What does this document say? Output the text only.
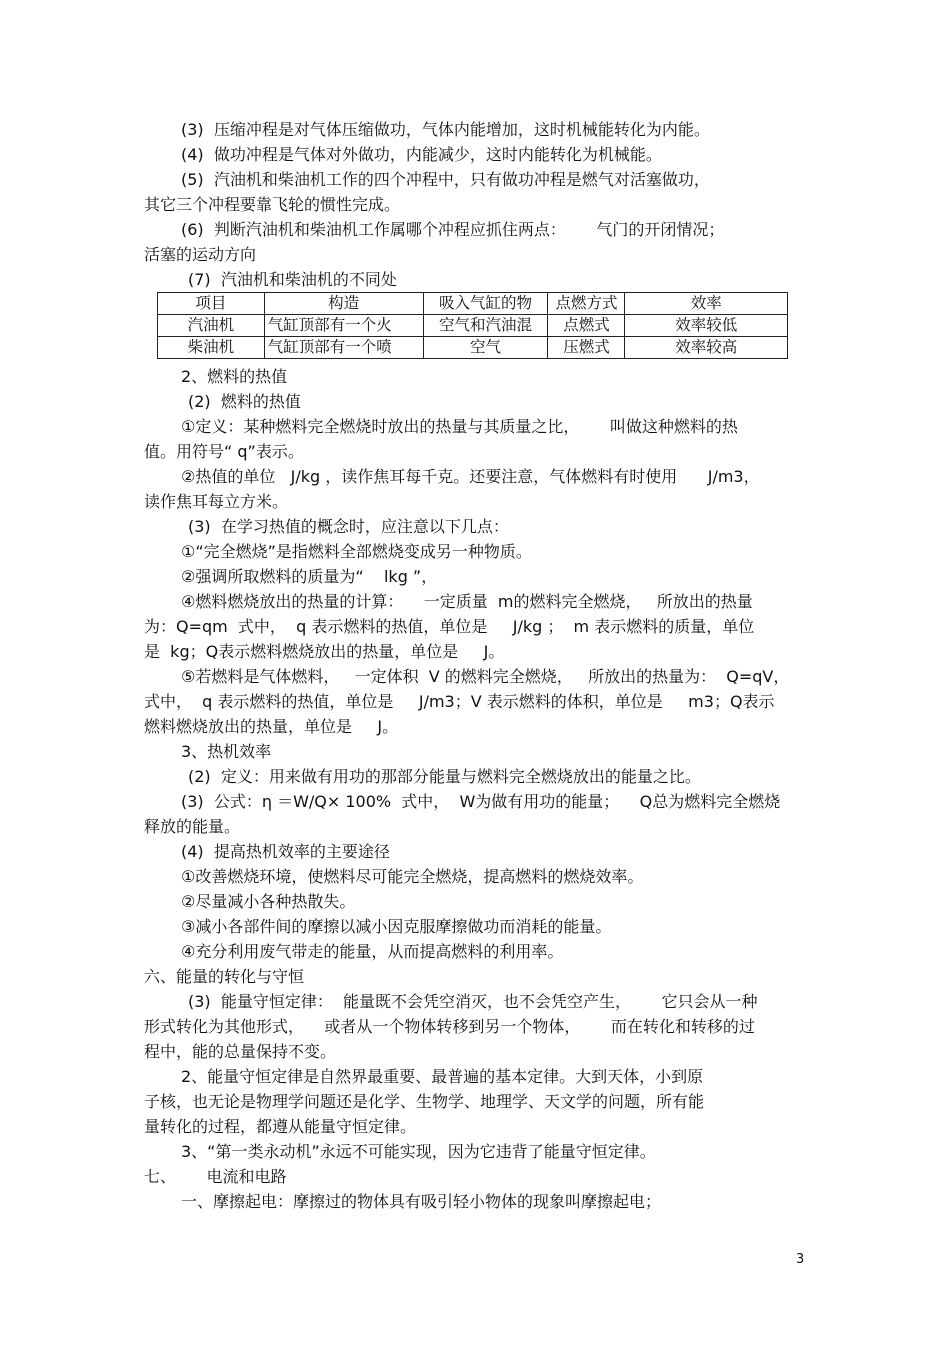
(3)  压缩冲程是对气体压缩做功，气体内能增加，这时机械能转化为内能。
(4)  做功冲程是气体对外做功，内能减少，这时内能转化为机械能。
(5)  汽油机和柴油机工作的四个冲程中，只有做功冲程是燃气对活塞做功，
其它三个冲程要靠飞轮的惯性完成。
(6)  判断汽油机和柴油机工作属哪个冲程应抓住两点：      气门的开闭情况；
活塞的运动方向
(7)  汽油机和柴油机的不同处
项目	构造	吸入气缸的物	点燃方式	效率
汽油机	气缸顶部有一个火	空气和汽油混	点燃式	效率较低
柴油机	气缸顶部有一个喷	空气	压燃式	效率较高
2、燃料的热值
(2)  燃料的热值
①定义：某种燃料完全燃烧时放出的热量与其质量之比，      叫做这种燃料的热
值。用符号“ q”表示。
②热值的单位   J/kg ，读作焦耳每千克。还要注意，气体燃料有时使用      J/m3，
读作焦耳每立方米。
(3)  在学习热值的概念时，应注意以下几点：
①“完全燃烧”是指燃料全部燃烧变成另一种物质。
②强调所取燃料的质量为“    lkg ”，
④燃料燃烧放出的热量的计算：    一定质量  m的燃料完全燃烧，   所放出的热量
为：Q=qm  式中，  q 表示燃料的热值，单位是     J/kg ；  m 表示燃料的质量，单位
是  kg；Q表示燃料燃烧放出的热量，单位是     J。
⑤若燃料是气体燃料，   一定体积  V 的燃料完全燃烧，   所放出的热量为：  Q=qV，
式中，  q 表示燃料的热值，单位是     J/m3；V 表示燃料的体积，单位是     m3；Q表示
燃料燃烧放出的热量，单位是     J。
3、热机效率
(2)  定义：用来做有用功的那部分能量与燃料完全燃烧放出的能量之比。
(3)  公式：η ＝W/Q× 100%  式中，  W为做有用功的能量；    Q总为燃料完全燃烧
释放的能量。
(4)  提高热机效率的主要途径
①改善燃烧环境，使燃料尽可能完全燃烧，提高燃料的燃烧效率。
②尽量减小各种热散失。
③减小各部件间的摩擦以减小因克服摩擦做功而消耗的能量。
④充分利用废气带走的能量，从而提高燃料的利用率。
六、能量的转化与守恒
(3)  能量守恒定律：  能量既不会凭空消灭，也不会凭空产生，      它只会从一种
形式转化为其他形式，    或者从一个物体转移到另一个物体，      而在转化和转移的过
程中，能的总量保持不变。
2、能量守恒定律是自然界最重要、最普遍的基本定律。大到天体，小到原
子核，也无论是物理学问题还是化学、生物学、地理学、天文学的问题，所有能
量转化的过程，都遵从能量守恒定律。
3、“第一类永动机”永远不可能实现，因为它违背了能量守恒定律。
七、      电流和电路
一、摩擦起电：摩擦过的物体具有吸引轻小物体的现象叫摩擦起电；
3
